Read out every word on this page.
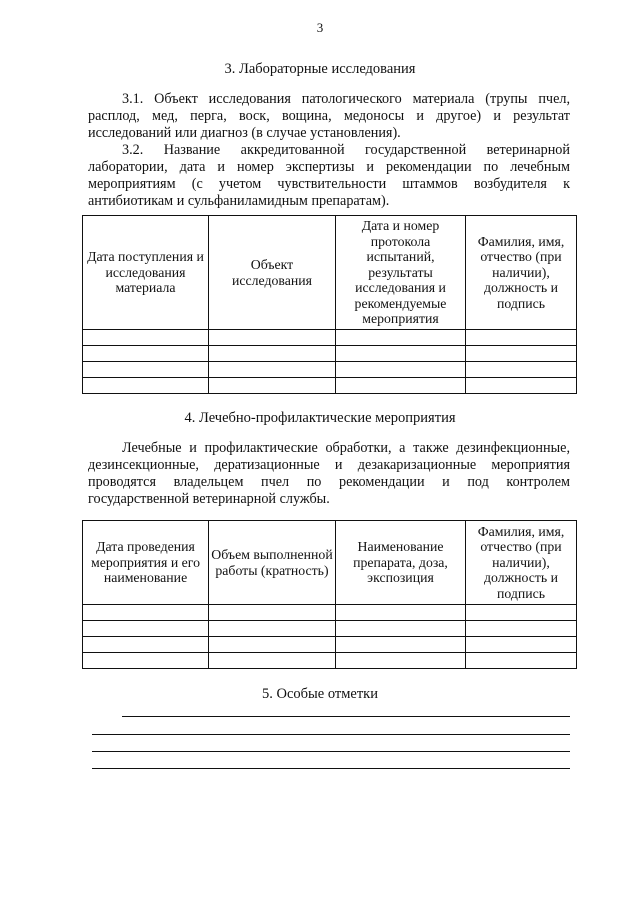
3
3. Лабораторные исследования
3.1. Объект исследования патологического материала (трупы пчел,
расплод, мед, перга, воск, вощина, медоносы и другое) и результат
исследований или диагноз (в случае установления).
3.2. Название аккредитованной государственной ветеринарной
лаборатории, дата и номер экспертизы и рекомендации по лечебным
мероприятиям (с учетом чувствительности штаммов возбудителя к
антибиотикам и сульфаниламидным препаратам).
Дата поступления и исследования материала	Объект исследования	Дата и номер протокола испытаний, результаты исследования и рекомендуемые мероприятия	Фамилия, имя, отчество (при наличии), должность и подпись

4. Лечебно-профилактические мероприятия
Лечебные и профилактические обработки, а также дезинфекционные,
дезинсекционные, дератизационные и дезакаризационные мероприятия
проводятся владельцем пчел по рекомендации и под контролем
государственной ветеринарной службы.
Дата проведения мероприятия и его наименование	Объем выполненной работы (кратность)	Наименование препарата, доза, экспозиция	Фамилия, имя, отчество (при наличии), должность и подпись

5. Особые отметки
